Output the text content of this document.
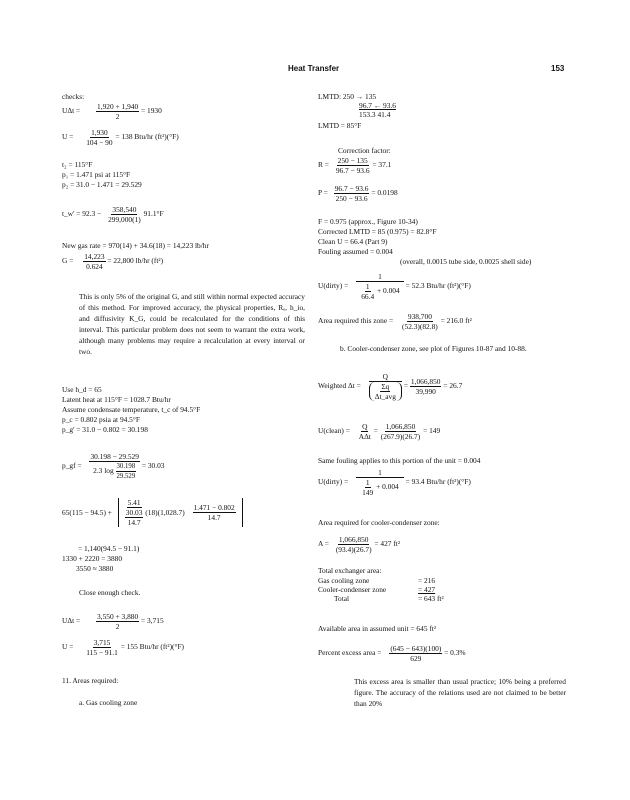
Heat Transfer	153
checks:
$U\Delta t = \frac{1,920 + 1,940}{2} = 1930$
$U = \frac{1,930}{104 - 90} = 138$ Btu/hr (ft²)(°F)
t₂ = 115°F
p₁ = 1.471 psi at 115°F
p₂ = 31.0 − 1.471 = 29.529
t_w' = $92.3 - \frac{358,540}{299,000(1)} 91.1^\circ F$
New gas rate = 970(14) + 34.6(18) = 14,223 lb/hr
$G = \frac{14,223}{0.624} = 22,800$ lb/hr (ft²)
This is only 5% of the original G, and still within normal expected accuracy of this method. For improved accuracy, the physical properties, Rₑ, h_io, and diffusivity K_G, could be recalculated for the conditions of this interval. This particular problem does not seem to warrant the extra work, although many problems may require a recalculation at every interval or two.
Use h_d = 65
Latent heat at 115°F = 1028.7 Btu/hr
Assume condensate temperature, t_c of 94.5°F
p_c = 0.802 psia at 94.5°F
p_g' = 31.0 − 0.802 = 30.198
p_gf = $\frac{30.198 - 29.529}{2.3 \log \frac{30.198}{29.529}} = 30.03$
65(115 − 94.5) +
5.41
30.03
14.7
$(18)(1,028.7) \frac{1.471 - 0.802}{14.7}$
= 1,140(94.5 − 91.1)
1330 + 2220 = 3880
3550 ≈ 3880
Close enough check.
$U\Delta t = \frac{3,550 + 3,880}{2} = 3,715$
$U = \frac{3,715}{115 - 91.1} = 155$ Btu/hr (ft²)(°F)
11. Areas required:
a. Gas cooling zone
LMTD: 250 → 135
96.7 ← 93.6
153.3 41.4
LMTD = 85°F
Correction factor:
$R = \frac{250 - 135}{96.7 - 93.6} = 37.1$
$P = \frac{96.7 - 93.6}{250 - 93.6} = 0.0198$
F = 0.975 (approx., Figure 10-34)
Corrected LMTD = 85 (0.975) = 82.8°F
Clean U = 66.4 (Part 9)
Fouling assumed = 0.004
(overall, 0.0015 tube side, 0.0025 shell side)
U(dirty) = $\frac{1}{\frac{1}{66.4} + 0.004} = 52.3$ Btu/hr (ft²)(°F)
Area required this zone = $\frac{938,700}{(52.3)(82.8)} = 216.0$ ft²
b. Cooler-condenser zone, see plot of Figures 10-87 and 10-88.
Weighted $\Delta t = \frac{Q}{\frac{\Sigma q}{\text{Δt\_avg}}} = \frac{1,066,850}{39,990} = 26.7$
U(clean) = $\frac{Q}{\text{AΔt}} = \frac{1,066,850}{(267.9)(26.7)} = 149$
Same fouling applies to this portion of the unit = 0.004
U(dirty) = $\frac{1}{\frac{1}{149} + 0.004} = 93.4$ Btu/hr (ft²)(°F)
Area required for cooler-condenser zone:
$A = \frac{1,066,850}{(93.4)(26.7)} = 427$ ft²
Total exchanger area:
Gas cooling zone	= 216
Cooler-condenser zone	= 427
Total	= 643 ft²
Available area in assumed unit = 645 ft²
Percent excess area = $\frac{(645 - 643)(100)}{629} = 0.3\%$
This excess area is smaller than usual practice; 10% being a preferred figure. The accuracy of the relations used are not claimed to be better than 20%
